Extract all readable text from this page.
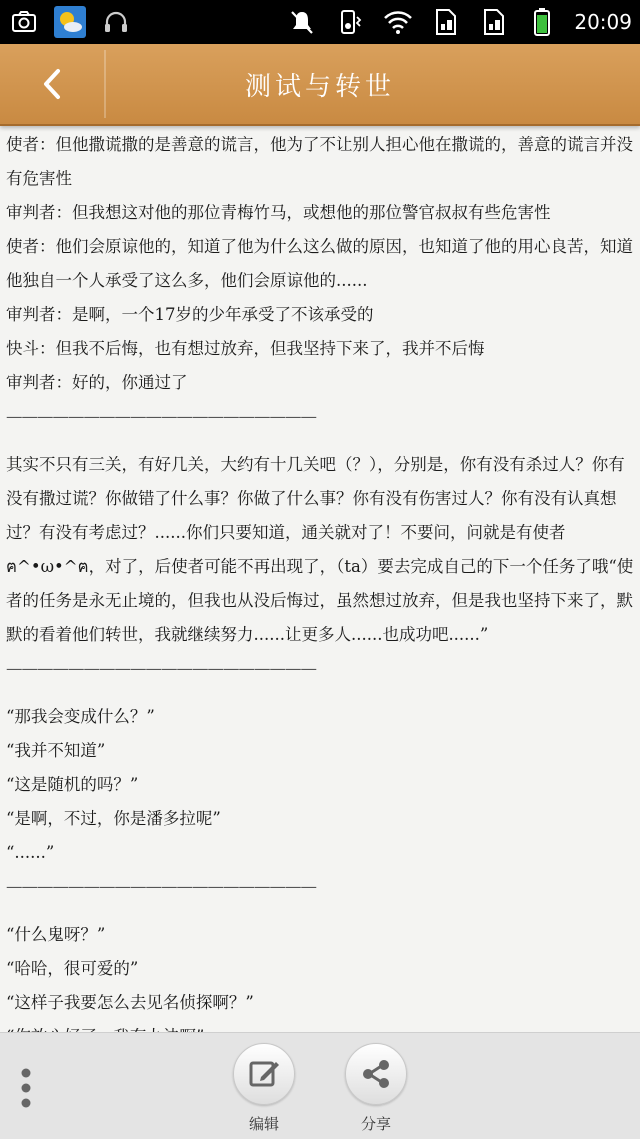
20:09
测试与转世

使者：但他撒谎撒的是善意的谎言，他为了不让别人担心他在撒谎的，善意的谎言并没有危害性

审判者：但我想这对他的那位青梅竹马，或想他的那位警官叔叔有些危害性

使者：他们会原谅他的，知道了他为什么这么做的原因，也知道了他的用心良苦，知道他独自一个人承受了这么多，他们会原谅他的......

审判者：是啊，一个17岁的少年承受了不该承受的

快斗：但我不后悔，也有想过放弃，但我坚持下来了，我并不后悔

审判者：好的，你通过了

————————————————————

其实不只有三关，有好几关，大约有十几关吧（？），分别是，你有没有杀过人？你有没有撒过谎？你做错了什么事？你做了什么事？你有没有伤害过人？你有没有认真想过？有没有考虑过？......你们只要知道，通关就对了！不要问，问就是有使者ฅ^•ω•^ฅ，对了，后使者可能不再出现了，（ta）要去完成自己的下一个任务了哦“使者的任务是永无止境的，但我也从没后悔过，虽然想过放弃，但是我也坚持下来了，默默的看着他们转世，我就继续努力......让更多人......也成功吧......”

————————————————————

“那我会变成什么？”

“我并不知道”

“这是随机的吗？”

“是啊，不过，你是潘多拉呢”

“......”

————————————————————

“什么鬼呀？”

“哈哈，很可爱的”

“这样子我要怎么去见名侦探啊？”

编辑	分享
